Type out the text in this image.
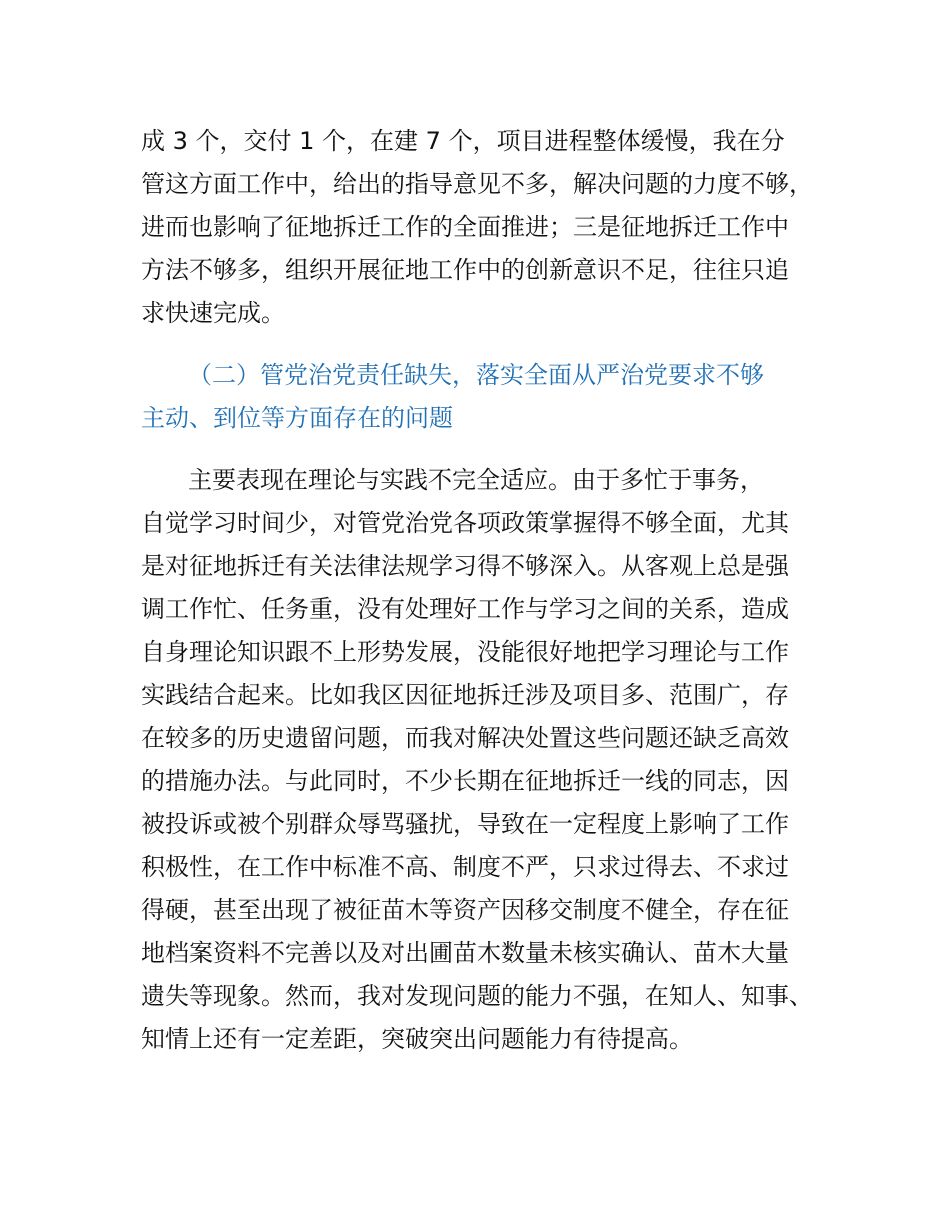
成 3 个，交付 1 个，在建 7 个，项目进程整体缓慢，我在分
管这方面工作中，给出的指导意见不多，解决问题的力度不够，
进而也影响了征地拆迁工作的全面推进；三是征地拆迁工作中
方法不够多，组织开展征地工作中的创新意识不足，往往只追
求快速完成。
（二）管党治党责任缺失，落实全面从严治党要求不够
主动、到位等方面存在的问题
主要表现在理论与实践不完全适应。由于多忙于事务，
自觉学习时间少，对管党治党各项政策掌握得不够全面，尤其
是对征地拆迁有关法律法规学习得不够深入。从客观上总是强
调工作忙、任务重，没有处理好工作与学习之间的关系，造成
自身理论知识跟不上形势发展，没能很好地把学习理论与工作
实践结合起来。比如我区因征地拆迁涉及项目多、范围广，存
在较多的历史遗留问题，而我对解决处置这些问题还缺乏高效
的措施办法。与此同时，不少长期在征地拆迁一线的同志，因
被投诉或被个别群众辱骂骚扰，导致在一定程度上影响了工作
积极性，在工作中标准不高、制度不严，只求过得去、不求过
得硬，甚至出现了被征苗木等资产因移交制度不健全，存在征
地档案资料不完善以及对出圃苗木数量未核实确认、苗木大量
遗失等现象。然而，我对发现问题的能力不强，在知人、知事、
知情上还有一定差距，突破突出问题能力有待提高。
